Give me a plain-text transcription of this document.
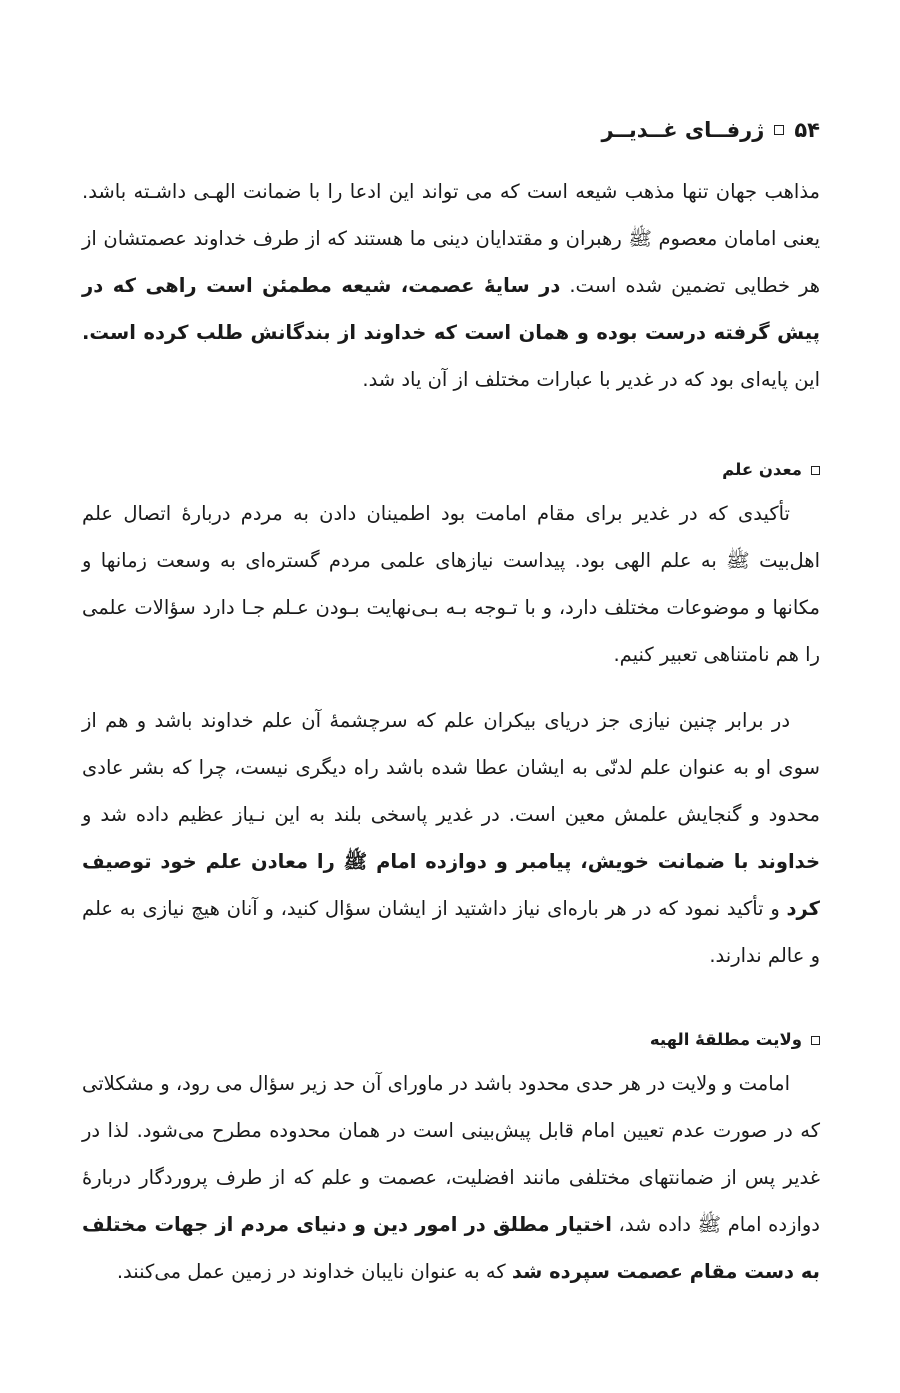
۵۴
ژرفــای غــدیــر

مذاهب جهان تنها مذهب شیعه است که می تواند این ادعا را با ضمانت الهـی داشـته باشد. یعنی امامان معصوم ﷺ رهبران و مقتدایان دینی ما هستند که از طرف خداوند عصمتشان از هر خطایی تضمین شده است. در سایهٔ عصمت، شیعه مطمئن است راهی که در پیش گرفته درست بوده و همان است که خداوند از بندگانش طلب کرده است. این پایه‌ای بود که در غدیر با عبارات مختلف از آن یاد شد.

معدن علم

تأکیدی که در غدیر برای مقام امامت بود اطمینان دادن به مردم دربارهٔ اتصال علم اهل‌بیت ﷺ به علم الهی بود. پیداست نیازهای علمی مردم گستره‌ای به وسعت زمانها و مکانها و موضوعات مختلف دارد، و با تـوجه بـه بـی‌نهایت بـودن عـلم جـا دارد سؤالات علمی را هم نامتناهی تعبیر کنیم.

در برابر چنین نیازی جز دریای بیکران علم که سرچشمهٔ آن علم خداوند باشد و هم از سوی او به عنوان علم لدنّی به ایشان عطا شده باشد راه دیگری نیست، چرا که بشر عادی محدود و گنجایش علمش معین است. در غدیر پاسخی بلند به این نـیاز عظیم داده شد و خداوند با ضمانت خویش، پیامبر و دوازده امام ﷺ را معادن علم خود توصیف کرد و تأکید نمود که در هر باره‌ای نیاز داشتید از ایشان سؤال کنید، و آنان هیچ نیازی به علم و عالم ندارند.

ولایت مطلقهٔ الهیه

امامت و ولایت در هر حدی محدود باشد در ماورای آن حد زیر سؤال می رود، و مشکلاتی که در صورت عدم تعیین امام قابل پیش‌بینی است در همان محدوده مطرح می‌شود. لذا در غدیر پس از ضمانتهای مختلفی مانند افضلیت، عصمت و علم که از طرف پروردگار دربارهٔ دوازده امام ﷺ داده شد، اختیار مطلق در امور دین و دنیای مردم از جهات مختلف به دست مقام عصمت سپرده شد که به عنوان نایبان خداوند در زمین عمل می‌کنند.
